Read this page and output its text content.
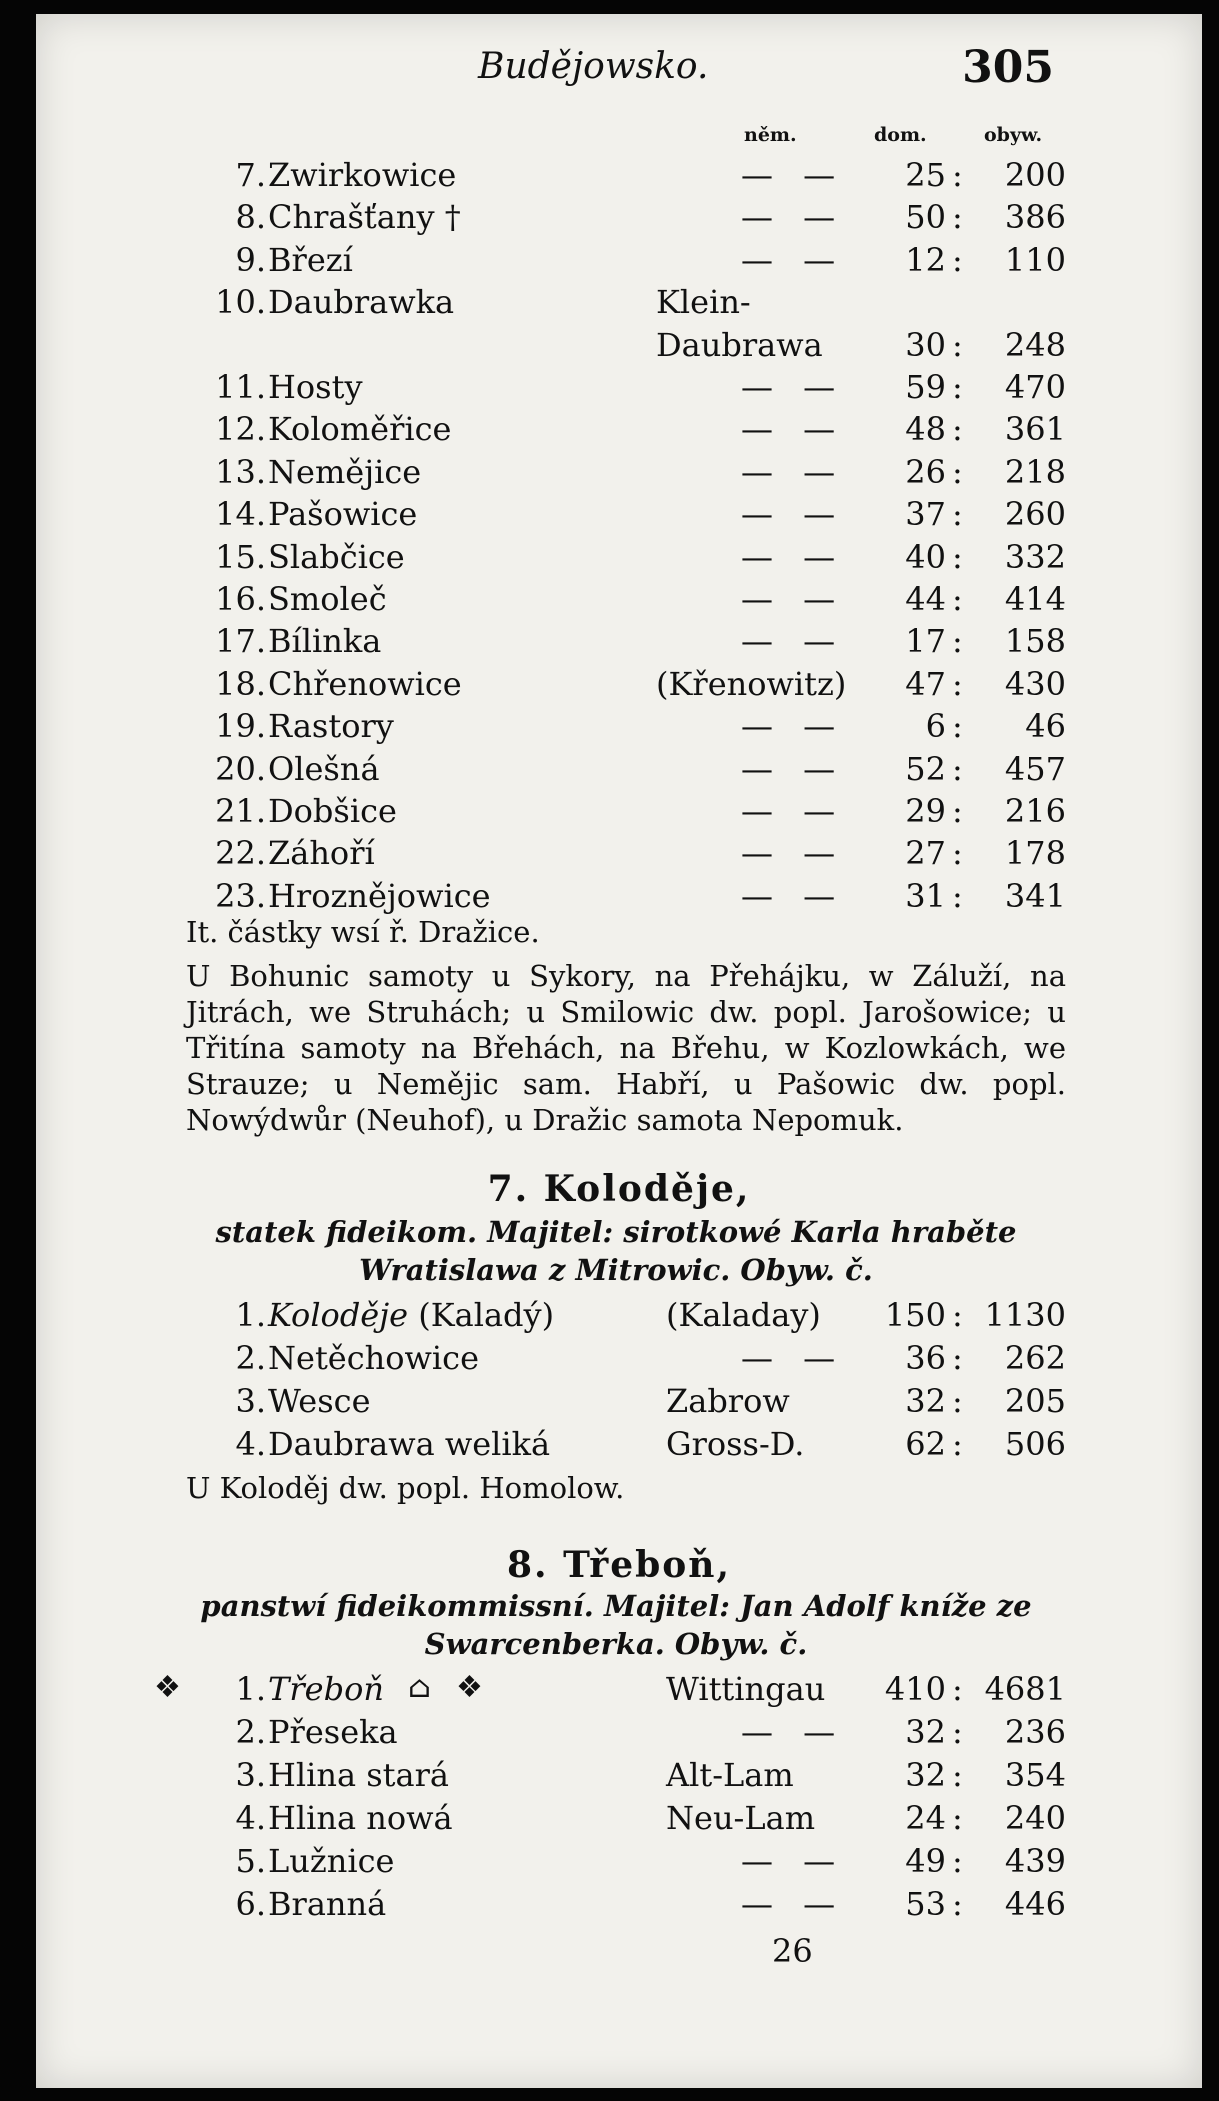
Budějowsko.	305
něm.	dom.	obyw.
7. Zwirkowice	— —	25 :	200
8. Chrašťany †	— —	50 :	386
9. Březí	— —	12 :	110
10. Daubrawka	Klein-
Daubrawa	30 :	248
11. Hosty	— —	59 :	470
12. Koloměřice	— —	48 :	361
13. Nemějice	— —	26 :	218
14. Pašowice	— —	37 :	260
15. Slabčice	— —	40 :	332
16. Smoleč	— —	44 :	414
17. Bílinka	— —	17 :	158
18. Chřenowice	(Křenowitz)	47 :	430
19. Rastory	— —	6 :	46
20. Olešná	— —	52 :	457
21. Dobšice	— —	29 :	216
22. Záhoří	— —	27 :	178
23. Hroznějowice	— —	31 :	341
It. částky wsí ř. Dražice.
U Bohunic samoty u Sykory, na Přehájku, w Záluží, na Jitrách, we Struhách; u Smilowic dw. popl. Jarošowice; u Třitína samoty na Břehách, na Břehu, w Kozlowkách, we Strauze; u Nemějic sam. Habří, u Pašowic dw. popl. Nowýdwůr (Neuhof), u Dražic samota Nepomuk.
7. Koloděje,
statek fideikom. Majitel: sirotkowé Karla hraběte
Wratislawa z Mitrowic. Obyw. č.
1. Koloděje (Kaladý)	(Kaladay)	150 : 1130
2. Netěchowice	— —	36 :	262
3. Wesce	Zabrow	32 :	205
4. Daubrawa weliká	Gross-D.	62 :	506
U Koloděj dw. popl. Homolow.
8. Třeboň,
panstwí fideikommissní. Majitel: Jan Adolf kníže ze
Swarcenberka. Obyw. č.
1. Třeboň	Wittingau	410 : 4681
❖	⌂ ❖
2. Přeseka	— —	32 :	236
3. Hlina stará	Alt-Lam	32 :	354
4. Hlina nowá	Neu-Lam	24 :	240
5. Lužnice	— —	49 :	439
6. Branná	— —	53 :	446
26
